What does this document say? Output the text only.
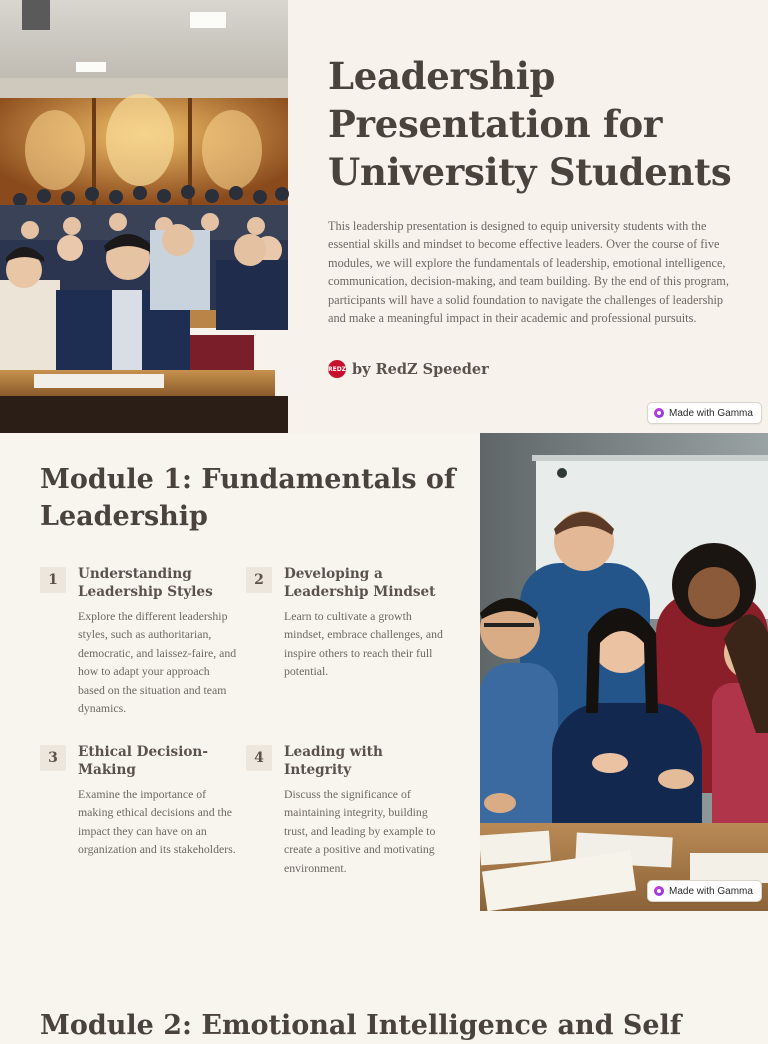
Leadership Presentation for University Students

This leadership presentation is designed to equip university students with the essential skills and mindset to become effective leaders. Over the course of five modules, we will explore the fundamentals of leadership, emotional intelligence, communication, decision-making, and team building. By the end of this program, participants will have a solid foundation to navigate the challenges of leadership and make a meaningful impact in their academic and professional pursuits.

REDZ by RedZ Speeder
Made with Gamma
Module 1: Fundamentals of Leadership
1	Understanding Leadership Styles

Explore the different leadership styles, such as authoritarian, democratic, and laissez-faire, and how to adapt your approach based on the situation and team dynamics.

2	Developing a Leadership Mindset

Learn to cultivate a growth mindset, embrace challenges, and inspire others to reach their full potential.

3	Ethical Decision-Making

Examine the importance of making ethical decisions and the impact they can have on an organization and its stakeholders.

4	Leading with Integrity

Discuss the significance of maintaining integrity, building trust, and leading by example to create a positive and motivating environment.

Made with Gamma
Module 2: Emotional Intelligence and Self
